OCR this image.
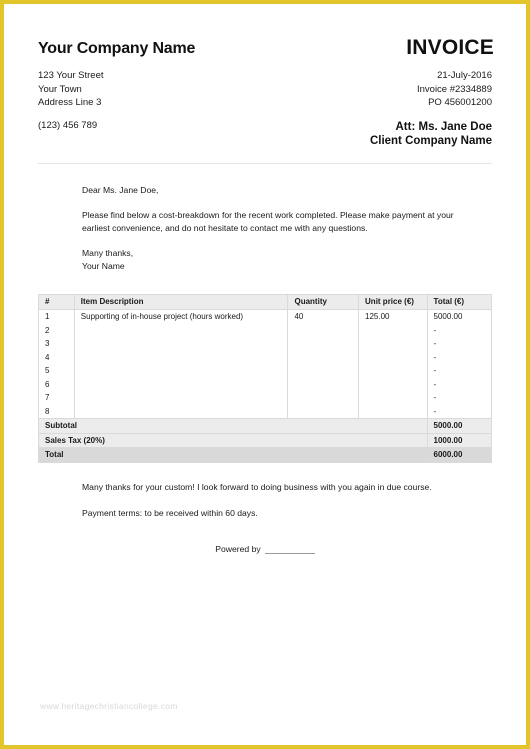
Your Company Name	INVOICE
123 Your Street
Your Town
Address Line 3
(123) 456 789
21-July-2016
Invoice #2334889
PO 456001200
Att: Ms. Jane Doe
Client Company Name

Dear Ms. Jane Doe,

Please find below a cost-breakdown for the recent work completed. Please make payment at your earliest convenience, and do not hesitate to contact me with any questions.

Many thanks,
Your Name

#	Item Description	Quantity	Unit price (€)	Total (€)
1	Supporting of in-house project (hours worked)	40	125.00	5000.00
2				-
3				-
4				-
5				-
6				-
7				-
8				-
Subtotal				5000.00
Sales Tax (20%)				1000.00
Total				6000.00

Many thanks for your custom! I look forward to doing business with you again in due course.

Payment terms: to be received within 60 days.

Powered by
www.heritagechristiancollege.com
